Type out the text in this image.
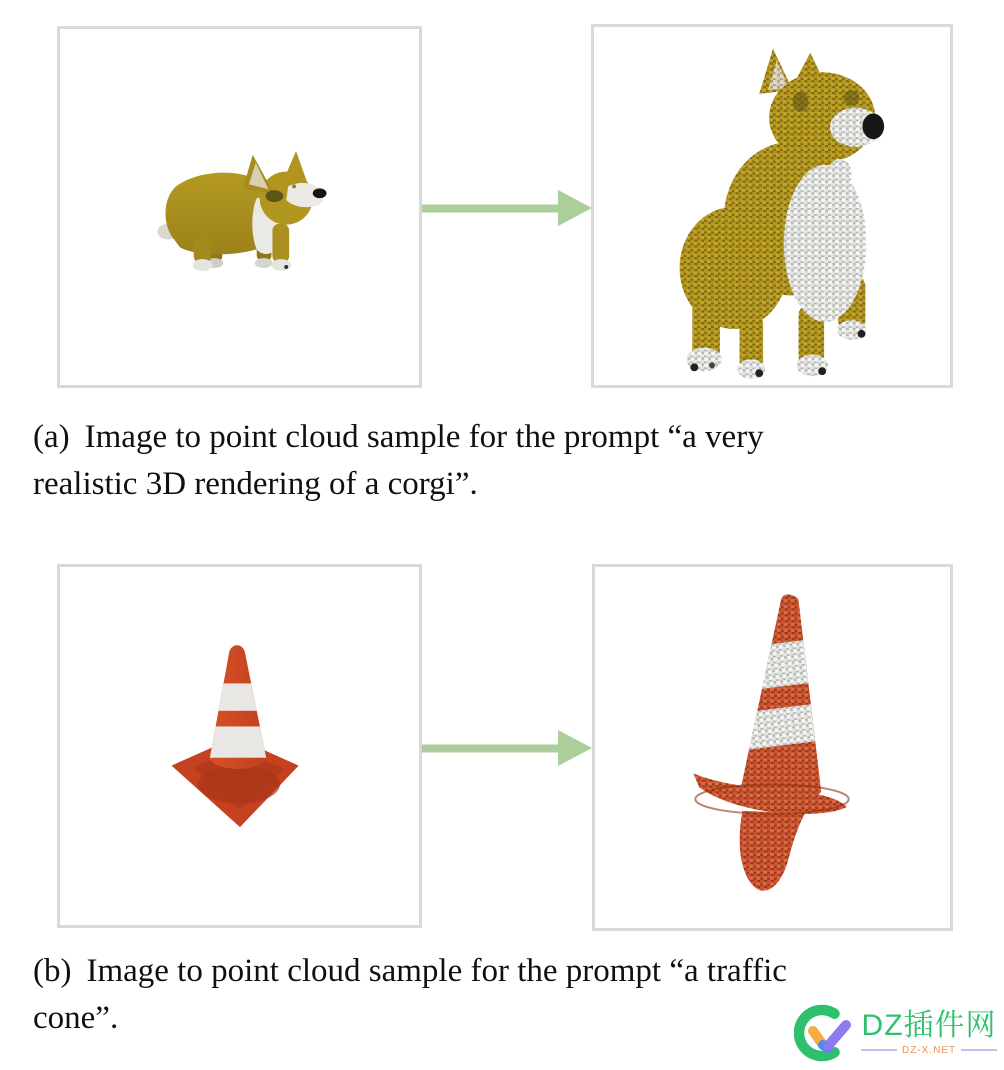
(a) Image to point cloud sample for the prompt “a very
realistic 3D rendering of a corgi”.
(b) Image to point cloud sample for the prompt “a traffic
cone”.	DZ插件网
DZ-X.NET
